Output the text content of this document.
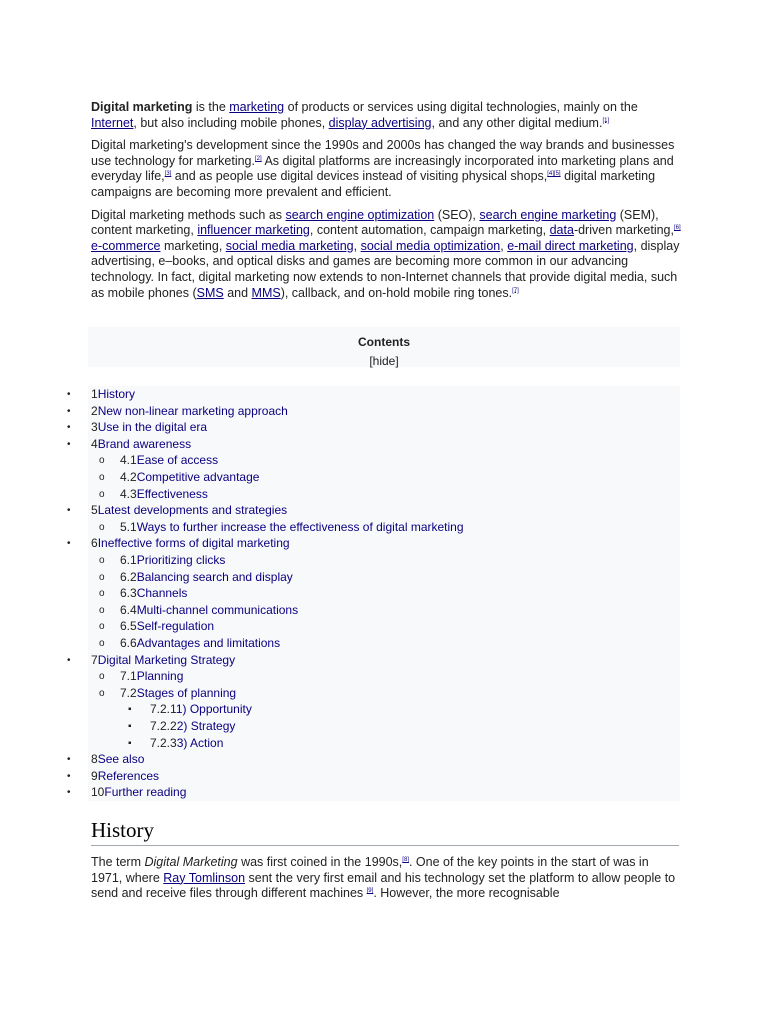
Digital marketing is the marketing of products or services using digital technologies, mainly on the Internet, but also including mobile phones, display advertising, and any other digital medium.[1]

Digital marketing's development since the 1990s and 2000s has changed the way brands and businesses use technology for marketing.[2] As digital platforms are increasingly incorporated into marketing plans and everyday life,[3] and as people use digital devices instead of visiting physical shops,[4][5] digital marketing campaigns are becoming more prevalent and efficient.

Digital marketing methods such as search engine optimization (SEO), search engine marketing (SEM), content marketing, influencer marketing, content automation, campaign marketing, data-driven marketing,[6] e-commerce marketing, social media marketing, social media optimization, e-mail direct marketing, display advertising, e–books, and optical disks and games are becoming more common in our advancing technology. In fact, digital marketing now extends to non-Internet channels that provide digital media, such as mobile phones (SMS and MMS), callback, and on-hold mobile ring tones.[7]

Contents
[hide]
• 1History
• 2New non-linear marketing approach
• 3Use in the digital era
• 4Brand awareness
o 4.1Ease of access
o 4.2Competitive advantage
o 4.3Effectiveness
• 5Latest developments and strategies
o 5.1Ways to further increase the effectiveness of digital marketing
• 6Ineffective forms of digital marketing
o 6.1Prioritizing clicks
o 6.2Balancing search and display
o 6.3Channels
o 6.4Multi-channel communications
o 6.5Self-regulation
o 6.6Advantages and limitations
• 7Digital Marketing Strategy
o 7.1Planning
o 7.2Stages of planning
▪ 7.2.11) Opportunity
▪ 7.2.22) Strategy
▪ 7.2.33) Action
• 8See also
• 9References
• 10Further reading
History

The term Digital Marketing was first coined in the 1990s,[8]. One of the key points in the start of was in 1971, where Ray Tomlinson sent the very first email and his technology set the platform to allow people to send and receive files through different machines [9]. However, the more recognisable
